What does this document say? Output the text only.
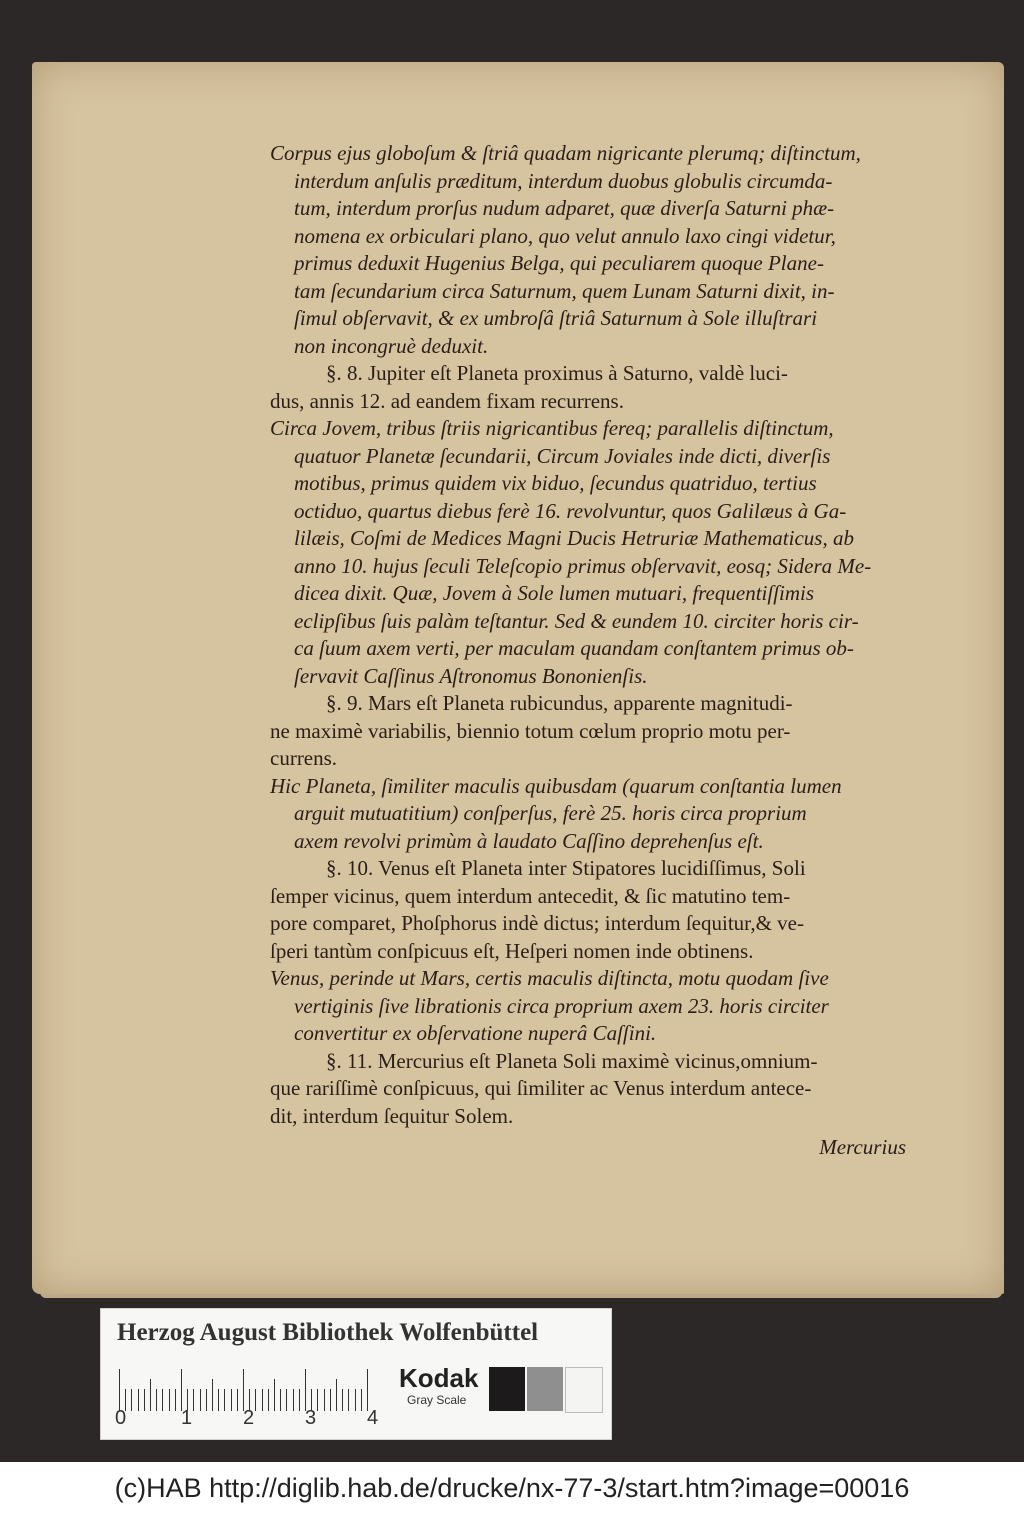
Corpus ejus globoſum & ſtriâ quadam nigricante plerumq; diſtinctum,
interdum anſulis præditum, interdum duobus globulis circumda-
tum, interdum prorſus nudum adparet, quæ diverſa Saturni phæ-
nomena ex orbiculari plano, quo velut annulo laxo cingi videtur,
primus deduxit Hugenius Belga, qui peculiarem quoque Plane-
tam ſecundarium circa Saturnum, quem Lunam Saturni dixit, in-
ſimul obſervavit, & ex umbroſâ ſtriâ Saturnum à Sole illuſtrari
non incongruè deduxit.
§. 8. Jupiter eſt Planeta proximus à Saturno, valdè luci-
dus, annis 12. ad eandem fixam recurrens.
Circa Jovem, tribus ſtriis nigricantibus fereq; parallelis diſtinctum,
quatuor Planetæ ſecundarii, Circum Joviales inde dicti, diverſis
motibus, primus quidem vix biduo, ſecundus quatriduo, tertius
octiduo, quartus diebus ferè 16. revolvuntur, quos Galilæus à Ga-
lilæis, Coſmi de Medices Magni Ducis Hetruriæ Mathematicus, ab
anno 10. hujus ſeculi Teleſcopio primus obſervavit, eosq; Sidera Me-
dicea dixit. Quæ, Jovem à Sole lumen mutuari, frequentiſſimis
eclipſibus ſuis palàm teſtantur. Sed & eundem 10. circiter horis cir-
ca ſuum axem verti, per maculam quandam conſtantem primus ob-
ſervavit Caſſinus Aſtronomus Bononienſis.
§. 9. Mars eſt Planeta rubicundus, apparente magnitudi-
ne maximè variabilis, biennio totum cœlum proprio motu per-
currens.
Hic Planeta, ſimiliter maculis quibusdam (quarum conſtantia lumen
arguit mutuatitium) conſperſus, ferè 25. horis circa proprium
axem revolvi primùm à laudato Caſſino deprehenſus eſt.
§. 10. Venus eſt Planeta inter Stipatores lucidiſſimus, Soli
ſemper vicinus, quem interdum antecedit, & ſic matutino tem-
pore comparet, Phoſphorus indè dictus; interdum ſequitur,& ve-
ſperi tantùm conſpicuus eſt, Heſperi nomen inde obtinens.
Venus, perinde ut Mars, certis maculis diſtincta, motu quodam ſive
vertiginis ſive librationis circa proprium axem 23. horis circiter
convertitur ex obſervatione nuperâ Caſſini.
§. 11. Mercurius eſt Planeta Soli maximè vicinus,omnium-
que rariſſimè conſpicuus, qui ſimiliter ac Venus interdum antece-
dit, interdum ſequitur Solem.
Mercurius
Herzog August Bibliothek Wolfenbüttel
0	1	2	3	4
Kodak
Gray Scale
(c)HAB http://diglib.hab.de/drucke/nx-77-3/start.htm?image=00016
